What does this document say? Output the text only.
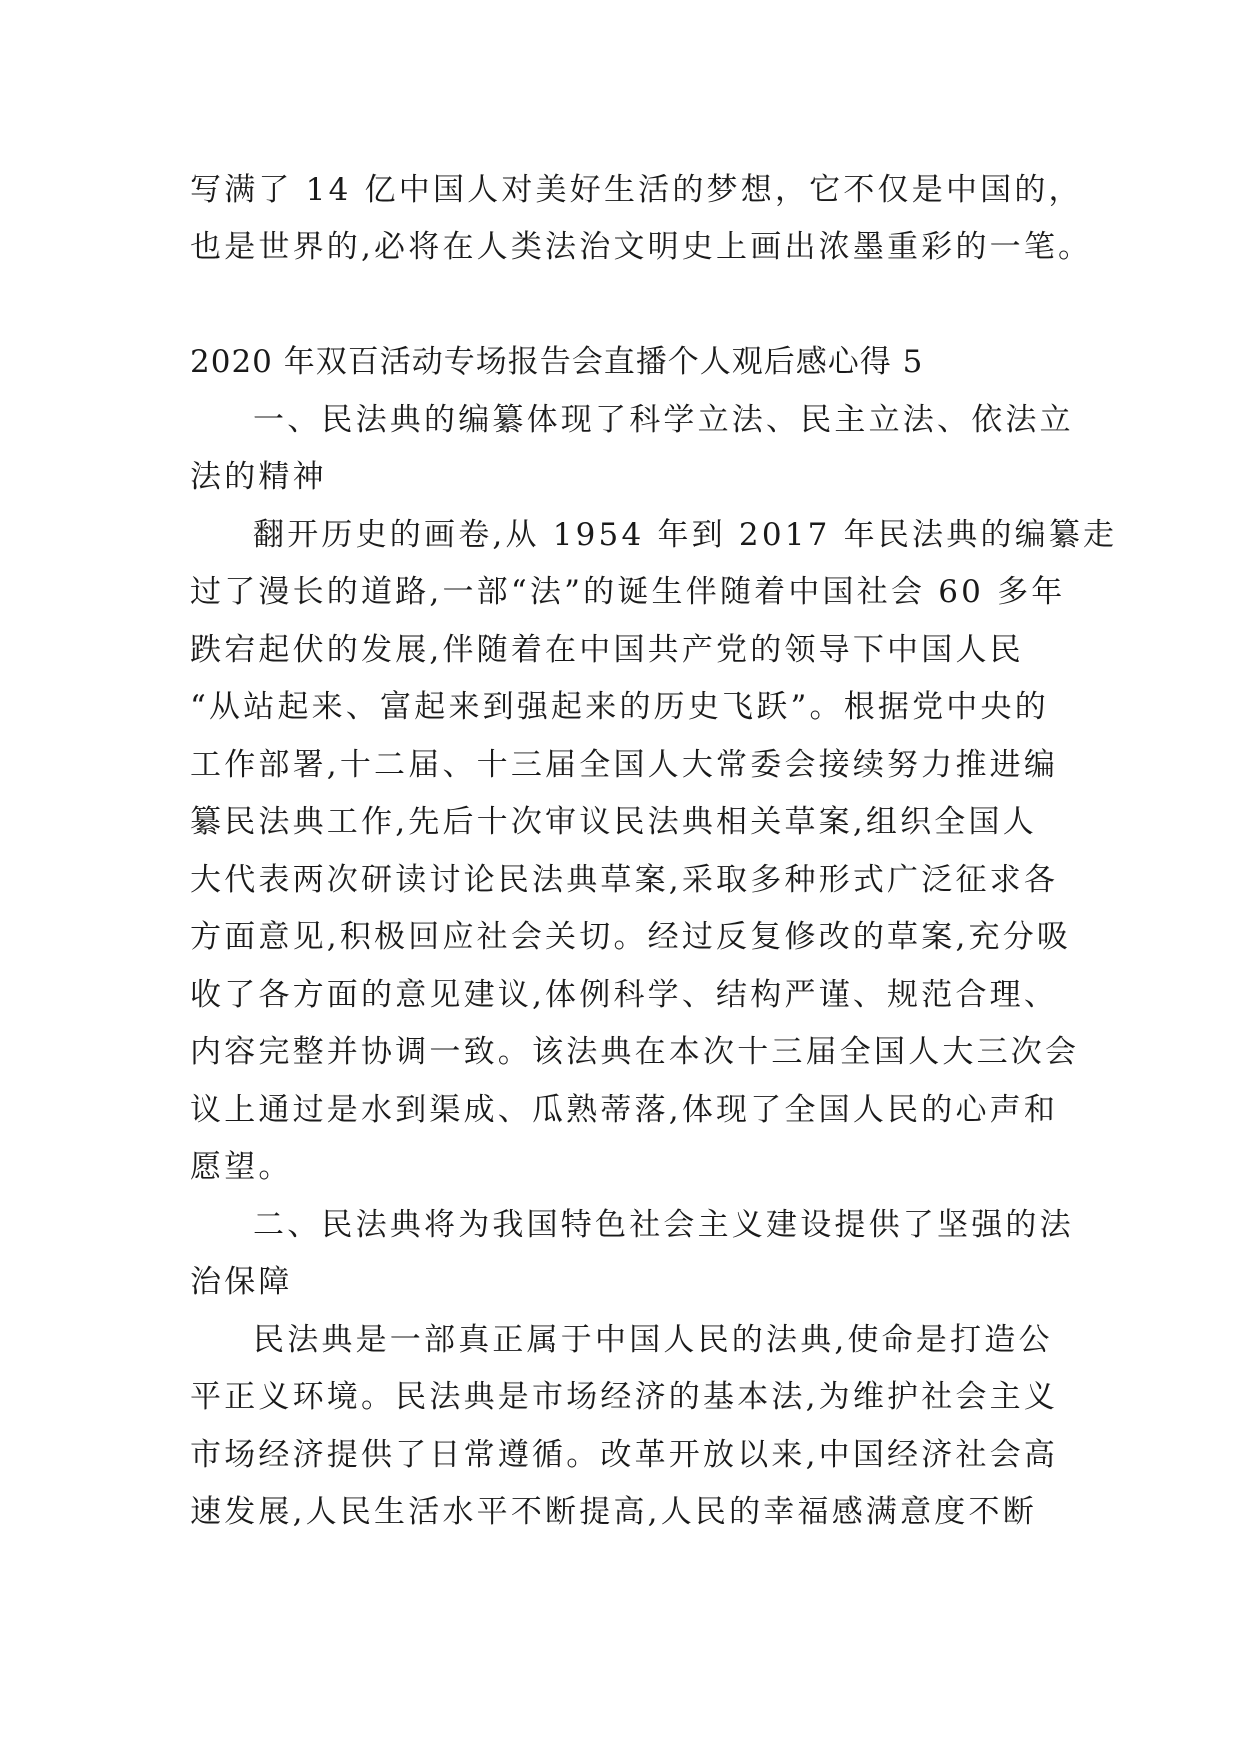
写满了 14 亿中国人对美好生活的梦想，它不仅是中国的，
也是世界的,必将在人类法治文明史上画出浓墨重彩的一笔。
2020 年双百活动专场报告会直播个人观后感心得 5
一、民法典的编纂体现了科学立法、民主立法、依法立
法的精神
翻开历史的画卷,从 1954 年到 2017 年民法典的编纂走
过了漫长的道路,一部“法”的诞生伴随着中国社会 60 多年
跌宕起伏的发展,伴随着在中国共产党的领导下中国人民
“从站起来、富起来到强起来的历史飞跃”。根据党中央的
工作部署,十二届、十三届全国人大常委会接续努力推进编
纂民法典工作,先后十次审议民法典相关草案,组织全国人
大代表两次研读讨论民法典草案,采取多种形式广泛征求各
方面意见,积极回应社会关切。经过反复修改的草案,充分吸
收了各方面的意见建议,体例科学、结构严谨、规范合理、
内容完整并协调一致。该法典在本次十三届全国人大三次会
议上通过是水到渠成、瓜熟蒂落,体现了全国人民的心声和
愿望。
二、民法典将为我国特色社会主义建设提供了坚强的法
治保障
民法典是一部真正属于中国人民的法典,使命是打造公
平正义环境。民法典是市场经济的基本法,为维护社会主义
市场经济提供了日常遵循。改革开放以来,中国经济社会高
速发展,人民生活水平不断提高,人民的幸福感满意度不断
